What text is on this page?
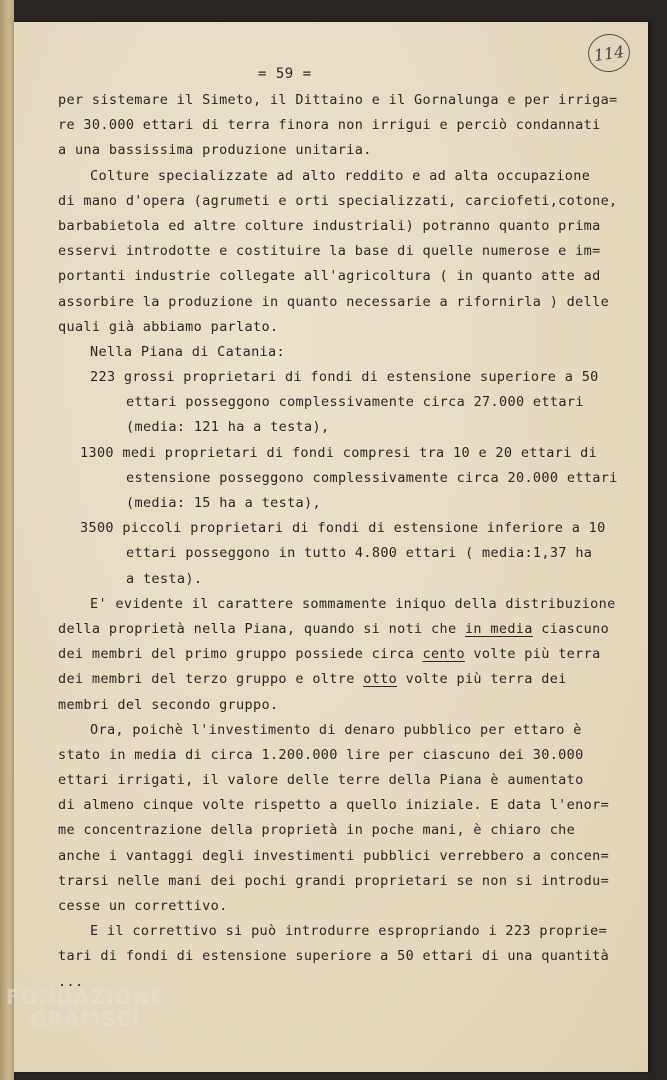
= 59 =
114
per sistemare il Simeto, il Dittaino e il Gornalunga e per irriga=
re 30.000 ettari di terra finora non irrigui e perciò condannati
a una bassissima produzione unitaria.
Colture specializzate ad alto reddito e ad alta occupazione
di mano d'opera (agrumeti e orti specializzati, carciofeti,cotone,
barbabietola ed altre colture industriali) potranno quanto prima
esservi introdotte e costituire la base di quelle numerose e im=
portanti industrie collegate all'agricoltura ( in quanto atte ad
assorbire la produzione in quanto necessarie a rifornirla ) delle
quali già abbiamo parlato.
Nella Piana di Catania:
223 grossi proprietari di fondi di estensione superiore a 50
ettari posseggono complessivamente circa 27.000 ettari
(media: 121 ha a testa),
1300 medi proprietari di fondi compresi tra 10 e 20 ettari di
estensione posseggono complessivamente circa 20.000 ettari
(media: 15 ha a testa),
3500 piccoli proprietari di fondi di estensione inferiore a 10
ettari posseggono in tutto 4.800 ettari ( media:1,37 ha
a testa).
E' evidente il carattere sommamente iniquo della distribuzione
della proprietà nella Piana, quando si noti che in media ciascuno
dei membri del primo gruppo possiede circa cento volte più terra
dei membri del terzo gruppo e oltre otto volte più terra dei
membri del secondo gruppo.
Ora, poichè l'investimento di denaro pubblico per ettaro è
stato in media di circa 1.200.000 lire per ciascuno dei 30.000
ettari irrigati, il valore delle terre della Piana è aumentato
di almeno cinque volte rispetto a quello iniziale. E data l'enor=
me concentrazione della proprietà in poche mani, è chiaro che
anche i vantaggi degli investimenti pubblici verrebbero a concen=
trarsi nelle mani dei pochi grandi proprietari se non si introdu=
cesse un correttivo.
E il correttivo si può introdurre espropriando i 223 proprie=
tari di fondi di estensione superiore a 50 ettari di una quantità
...
FONDAZIONE
GRAMSCI
onlus
